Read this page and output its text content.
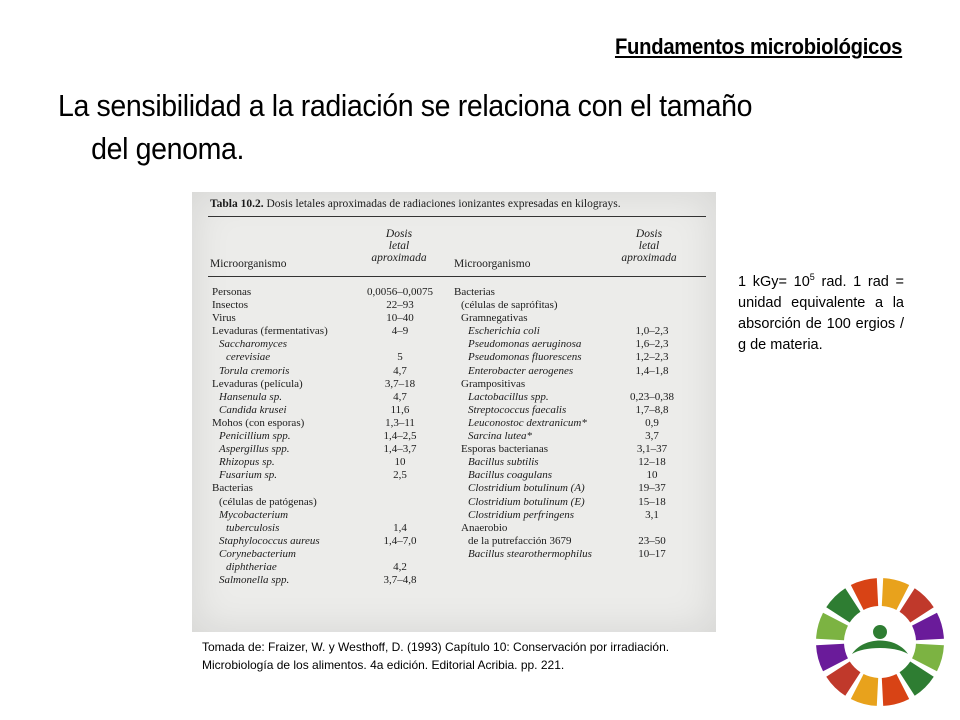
Fundamentos microbiológicos
La sensibilidad a la radiación se relaciona con el tamaño
del genoma.
Tabla 10.2. Dosis letales aproximadas de radiaciones ionizantes expresadas en kilograys.
Microorganismo
Dosis
letal
aproximada	Microorganismo
Dosis
letal
aproximada
Personas
Insectos
Virus
Levaduras (fermentativas)
Saccharomyces
cerevisiae
Torula cremoris
Levaduras (película)
Hansenula sp.
Candida krusei
Mohos (con esporas)
Penicillium spp.
Aspergillus spp.
Rhizopus sp.
Fusarium sp.
Bacterias
(células de patógenas)
Mycobacterium
tuberculosis
Staphylococcus aureus
Corynebacterium
diphtheriae
Salmonella spp.
0,0056–0,0075
22–93
10–40
4–9
5
4,7
3,7–18
4,7
11,6
1,3–11
1,4–2,5
1,4–3,7
10
2,5
1,4
1,4–7,0
4,2
3,7–4,8
Bacterias
(células de saprófitas)
Gramnegativas
Escherichia coli
Pseudomonas aeruginosa
Pseudomonas fluorescens
Enterobacter aerogenes
Grampositivas
Lactobacillus spp.
Streptococcus faecalis
Leuconostoc dextranicum*
Sarcina lutea*
Esporas bacterianas
Bacillus subtilis
Bacillus coagulans
Clostridium botulinum (A)
Clostridium botulinum (E)
Clostridium perfringens
Anaerobio
de la putrefacción 3679
Bacillus stearothermophilus
1,0–2,3
1,6–2,3
1,2–2,3
1,4–1,8
0,23–0,38
1,7–8,8
0,9
3,7
3,1–37
12–18
10
19–37
15–18
3,1
23–50
10–17
1 $kGy= 10^5$ rad. 1 rad = unidad equivalente a la absorción de 100 ergios / g de materia.
Tomada de: Fraizer, W. y Westhoff, D. (1993) Capítulo 10: Conservación por irradiación.
Microbiología de los alimentos. 4a edición. Editorial Acribia. pp. 221.
